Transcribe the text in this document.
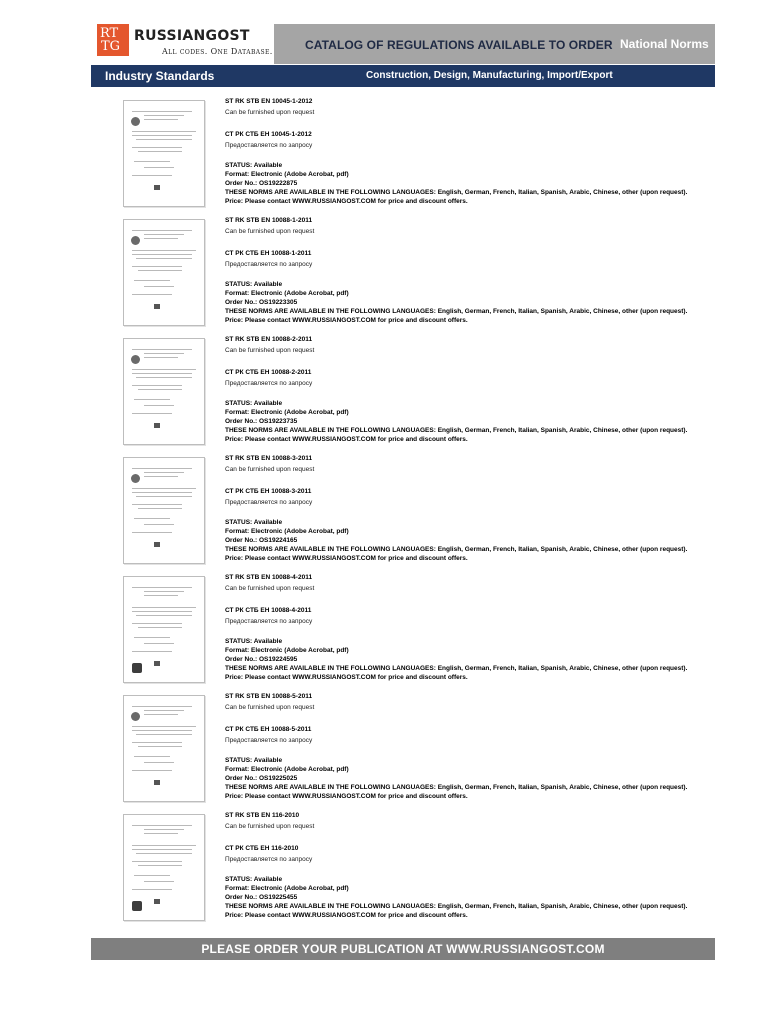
RT
TG
RUSSIANGOST
All codes. One Database.	CATALOG OF REGULATIONS AVAILABLE TO ORDER National Norms
Industry Standards	Construction, Design, Manufacturing, Import/Export
ST RK STB EN 10045-1-2012
Can be furnished upon request
СТ РК СТБ ЕН 10045-1-2012
Предоставляется по запросу
STATUS: Available
Format: Electronic (Adobe Acrobat, pdf)
Order No.: OS19222875
THESE NORMS ARE AVAILABLE IN THE FOLLOWING LANGUAGES: English, German, French, Italian, Spanish, Arabic, Chinese, other (upon request).
Price: Please contact WWW.RUSSIANGOST.COM for price and discount offers.
ST RK STB EN 10088-1-2011
Can be furnished upon request
СТ РК СТБ ЕН 10088-1-2011
Предоставляется по запросу
STATUS: Available
Format: Electronic (Adobe Acrobat, pdf)
Order No.: OS19223305
THESE NORMS ARE AVAILABLE IN THE FOLLOWING LANGUAGES: English, German, French, Italian, Spanish, Arabic, Chinese, other (upon request).
Price: Please contact WWW.RUSSIANGOST.COM for price and discount offers.
ST RK STB EN 10088-2-2011
Can be furnished upon request
СТ РК СТБ ЕН 10088-2-2011
Предоставляется по запросу
STATUS: Available
Format: Electronic (Adobe Acrobat, pdf)
Order No.: OS19223735
THESE NORMS ARE AVAILABLE IN THE FOLLOWING LANGUAGES: English, German, French, Italian, Spanish, Arabic, Chinese, other (upon request).
Price: Please contact WWW.RUSSIANGOST.COM for price and discount offers.
ST RK STB EN 10088-3-2011
Can be furnished upon request
СТ РК СТБ ЕН 10088-3-2011
Предоставляется по запросу
STATUS: Available
Format: Electronic (Adobe Acrobat, pdf)
Order No.: OS19224165
THESE NORMS ARE AVAILABLE IN THE FOLLOWING LANGUAGES: English, German, French, Italian, Spanish, Arabic, Chinese, other (upon request).
Price: Please contact WWW.RUSSIANGOST.COM for price and discount offers.
ST RK STB EN 10088-4-2011
Can be furnished upon request
СТ РК СТБ ЕН 10088-4-2011
Предоставляется по запросу
STATUS: Available
Format: Electronic (Adobe Acrobat, pdf)
Order No.: OS19224595
THESE NORMS ARE AVAILABLE IN THE FOLLOWING LANGUAGES: English, German, French, Italian, Spanish, Arabic, Chinese, other (upon request).
Price: Please contact WWW.RUSSIANGOST.COM for price and discount offers.
ST RK STB EN 10088-5-2011
Can be furnished upon request
СТ РК СТБ ЕН 10088-5-2011
Предоставляется по запросу
STATUS: Available
Format: Electronic (Adobe Acrobat, pdf)
Order No.: OS19225025
THESE NORMS ARE AVAILABLE IN THE FOLLOWING LANGUAGES: English, German, French, Italian, Spanish, Arabic, Chinese, other (upon request).
Price: Please contact WWW.RUSSIANGOST.COM for price and discount offers.
ST RK STB EN 116-2010
Can be furnished upon request
СТ РК СТБ ЕН 116-2010
Предоставляется по запросу
STATUS: Available
Format: Electronic (Adobe Acrobat, pdf)
Order No.: OS19225455
THESE NORMS ARE AVAILABLE IN THE FOLLOWING LANGUAGES: English, German, French, Italian, Spanish, Arabic, Chinese, other (upon request).
Price: Please contact WWW.RUSSIANGOST.COM for price and discount offers.
PLEASE ORDER YOUR PUBLICATION AT WWW.RUSSIANGOST.COM
